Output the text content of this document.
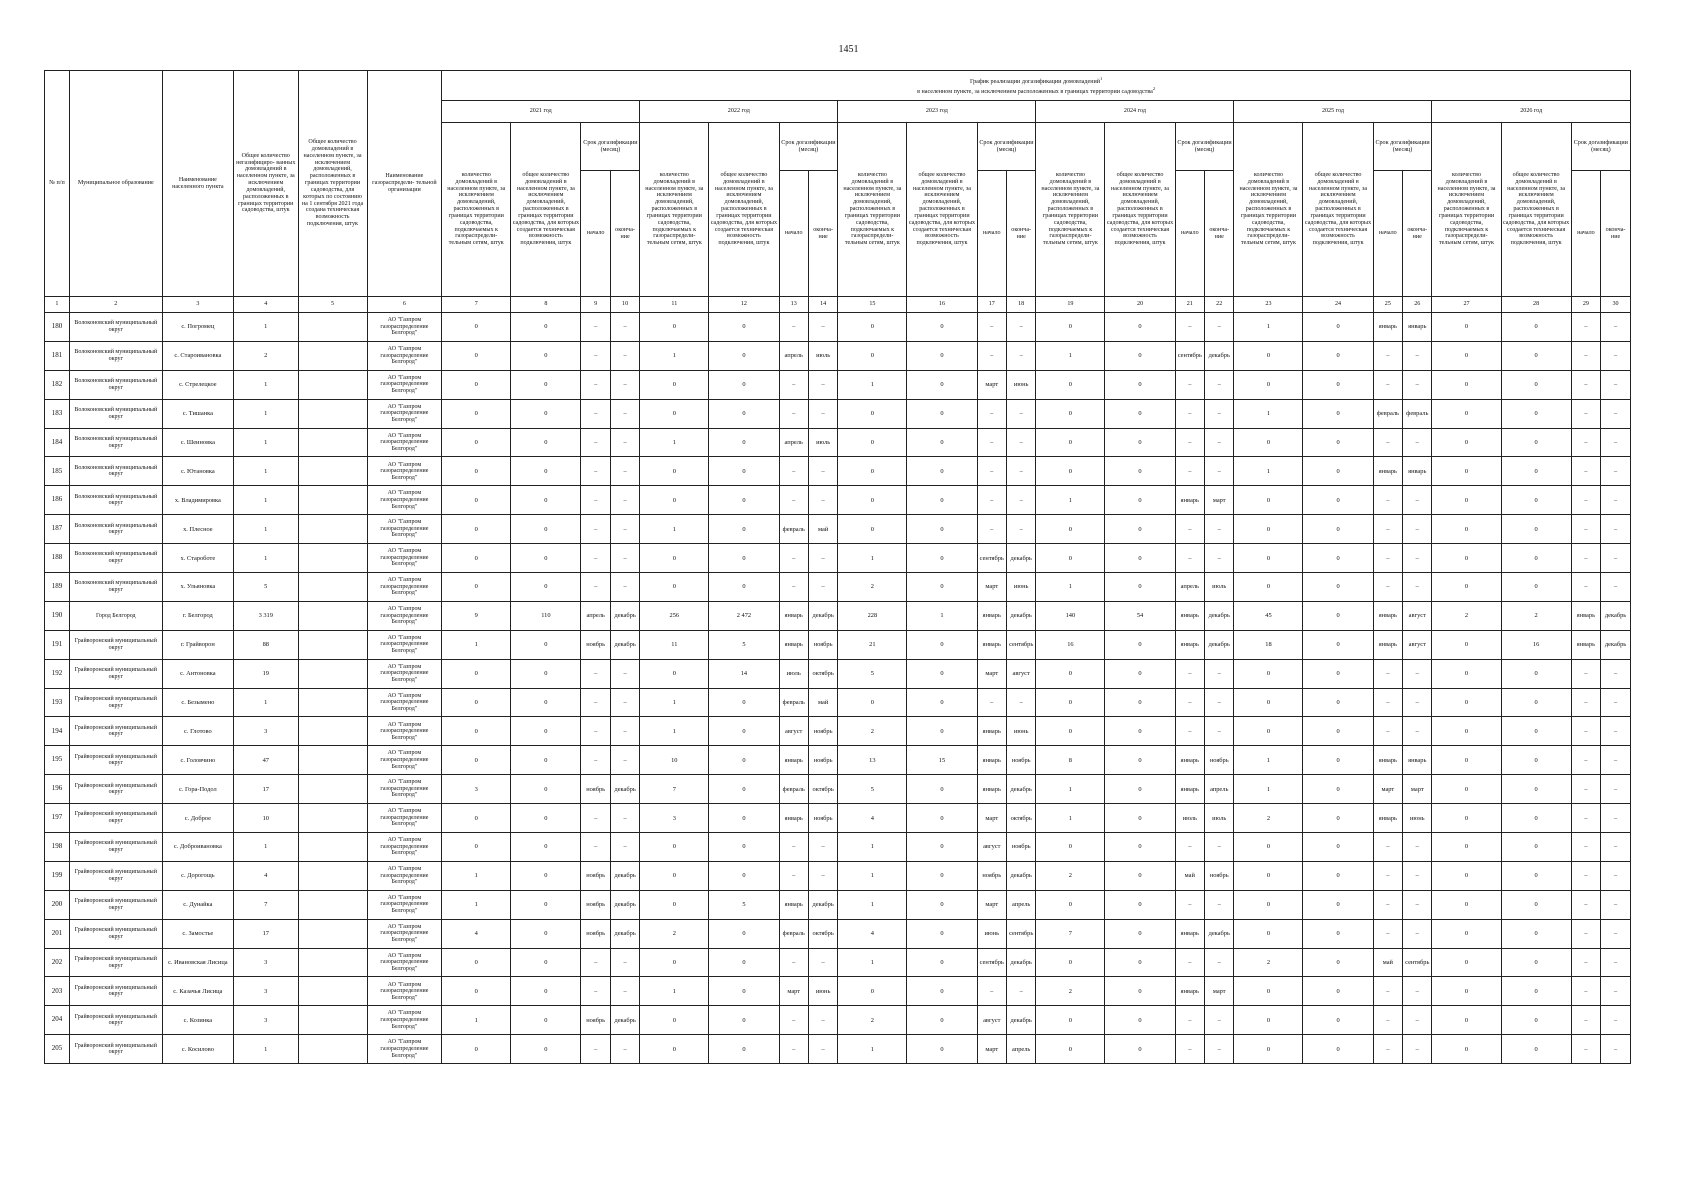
1451
№ п/п	Муниципальное образование	Наименование населенного пункта	Общее количество негазифициро- ванных домовладений в населенном пункте, за исключением домовладений, расположенных в границах территории садоводства, штук	Общее количество домовладений в населенном пункте, за исключением домовладений, расположенных в границах территории садоводства, для которых по состоянию на 1 сентября 2021 года создана техническая возможность подключения, штук	Наименование газораспредели- тельной организации	График реализации догазификации домовладений$^1$
в населенном пункте, за исключением расположенных в границах территории садоводства$^2$
						2021 год				2022 год				2023 год				2024 год				2025 год				2026 год			
						количество домовладений в населенном пункте, за исключением домовладений, расположенных в границах территории садоводства, подключаемых к газораспредели- тельным сетям, штук	общее количество домовладений в населенном пункте, за исключением домовладений, расположенных в границах территории садоводства, для которых создается техническая возможность подключения, штук	Срок догазификации (месяц)		количество домовладений в населенном пункте, за исключением домовладений, расположенных в границах территории садоводства, подключаемых к газораспредели- тельным сетям, штук	общее количество домовладений в населенном пункте, за исключением домовладений, расположенных в границах территории садоводства, для которых создается техническая возможность подключения, штук	Срок догазификации (месяц)		количество домовладений в населенном пункте, за исключением домовладений, расположенных в границах территории садоводства, подключаемых к газораспредели- тельным сетям, штук	общее количество домовладений в населенном пункте, за исключением домовладений, расположенных в границах территории садоводства, для которых создается техническая возможность подключения, штук	Срок догазификации (месяц)		количество домовладений в населенном пункте, за исключением домовладений, расположенных в границах территории садоводства, подключаемых к газораспредели- тельным сетям, штук	общее количество домовладений в населенном пункте, за исключением домовладений, расположенных в границах территории садоводства, для которых создается техническая возможность подключения, штук	Срок догазификации (месяц)		количество домовладений в населенном пункте, за исключением домовладений, расположенных в границах территории садоводства, подключаемых к газораспредели- тельным сетям, штук	общее количество домовладений в населенном пункте, за исключением домовладений, расположенных в границах территории садоводства, для которых создается техническая возможность подключения, штук	Срок догазификации (месяц)		количество домовладений в населенном пункте, за исключением домовладений, расположенных в границах территории садоводства, подключаемых к газораспредели- тельным сетям, штук	общее количество домовладений в населенном пункте, за исключением домовладений, расположенных в границах территории садоводства, для которых создается техническая возможность подключения, штук	Срок догазификации (месяц)	
								начало	оконча- ние			начало	оконча- ние			начало	оконча- ние			начало	оконча- ние			начало	оконча- ние			начало	оконча- ние
1	2	3	4	5	6	7	8	9	10	11	12	13	14	15	16	17	18	19	20	21	22	23	24	25	26	27	28	29	30
180	Волоконовский муниципальный округ	с. Погромец	1		АО "Газпром газораспределение Белгород"	0	0	–	–	0	0	–	–	0	0	–	–	0	0	–	–	1	0	январь	январь	0	0	–	–
181	Волоконовский муниципальный округ	с. Староивановка	2		АО "Газпром газораспределение Белгород"	0	0	–	–	1	0	апрель	июль	0	0	–	–	1	0	сентябрь	декабрь	0	0	–	–	0	0	–	–
182	Волоконовский муниципальный округ	с. Стрелецкое	1		АО "Газпром газораспределение Белгород"	0	0	–	–	0	0	–	–	1	0	март	июнь	0	0	–	–	0	0	–	–	0	0	–	–
183	Волоконовский муниципальный округ	с. Тишанка	1		АО "Газпром газораспределение Белгород"	0	0	–	–	0	0	–	–	0	0	–	–	0	0	–	–	1	0	февраль	февраль	0	0	–	–
184	Волоконовский муниципальный округ	с. Шеиновка	1		АО "Газпром газораспределение Белгород"	0	0	–	–	1	0	апрель	июль	0	0	–	–	0	0	–	–	0	0	–	–	0	0	–	–
185	Волоконовский муниципальный округ	с. Ютановка	1		АО "Газпром газораспределение Белгород"	0	0	–	–	0	0	–	–	0	0	–	–	0	0	–	–	1	0	январь	январь	0	0	–	–
186	Волоконовский муниципальный округ	х. Владимировка	1		АО "Газпром газораспределение Белгород"	0	0	–	–	0	0	–	–	0	0	–	–	1	0	январь	март	0	0	–	–	0	0	–	–
187	Волоконовский муниципальный округ	х. Плесное	1		АО "Газпром газораспределение Белгород"	0	0	–	–	1	0	февраль	май	0	0	–	–	0	0	–	–	0	0	–	–	0	0	–	–
188	Волоконовский муниципальный округ	х. Староботе	1		АО "Газпром газораспределение Белгород"	0	0	–	–	0	0	–	–	1	0	сентябрь	декабрь	0	0	–	–	0	0	–	–	0	0	–	–
189	Волоконовский муниципальный округ	х. Ульяновка	5		АО "Газпром газораспределение Белгород"	0	0	–	–	0	0	–	–	2	0	март	июнь	1	0	апрель	июль	0	0	–	–	0	0	–	–
190	Город Белгород	г. Белгород	3 319		АО "Газпром газораспределение Белгород"	9	110	апрель	декабрь	256	2 472	январь	декабрь	228	1	январь	декабрь	140	54	январь	декабрь	45	0	январь	август	2	2	январь	декабрь
191	Грайворонский муниципальный округ	г. Грайворон	88		АО "Газпром газораспределение Белгород"	1	0	ноябрь	декабрь	11	5	январь	ноябрь	21	0	январь	сентябрь	16	0	январь	декабрь	18	0	январь	август	0	16	январь	декабрь
192	Грайворонский муниципальный округ	с. Антоновка	19		АО "Газпром газораспределение Белгород"	0	0	–	–	0	14	июль	октябрь	5	0	март	август	0	0	–	–	0	0	–	–	0	0	–	–
193	Грайворонский муниципальный округ	с. Безымено	1		АО "Газпром газораспределение Белгород"	0	0	–	–	1	0	февраль	май	0	0	–	–	0	0	–	–	0	0	–	–	0	0	–	–
194	Грайворонский муниципальный округ	с. Глотово	3		АО "Газпром газораспределение Белгород"	0	0	–	–	1	0	август	ноябрь	2	0	январь	июнь	0	0	–	–	0	0	–	–	0	0	–	–
195	Грайворонский муниципальный округ	с. Головчино	47		АО "Газпром газораспределение Белгород"	0	0	–	–	10	0	январь	ноябрь	13	15	январь	ноябрь	8	0	январь	ноябрь	1	0	январь	январь	0	0	–	–
196	Грайворонский муниципальный округ	с. Гора-Подол	17		АО "Газпром газораспределение Белгород"	3	0	ноябрь	декабрь	7	0	февраль	октябрь	5	0	январь	декабрь	1	0	январь	апрель	1	0	март	март	0	0	–	–
197	Грайворонский муниципальный округ	с. Доброе	10		АО "Газпром газораспределение Белгород"	0	0	–	–	3	0	январь	ноябрь	4	0	март	октябрь	1	0	июль	июль	2	0	январь	июнь	0	0	–	–
198	Грайворонский муниципальный округ	с. Доброивановка	1		АО "Газпром газораспределение Белгород"	0	0	–	–	0	0	–	–	1	0	август	ноябрь	0	0	–	–	0	0	–	–	0	0	–	–
199	Грайворонский муниципальный округ	с. Дорогощь	4		АО "Газпром газораспределение Белгород"	1	0	ноябрь	декабрь	0	0	–	–	1	0	ноябрь	декабрь	2	0	май	ноябрь	0	0	–	–	0	0	–	–
200	Грайворонский муниципальный округ	с. Дунайка	7		АО "Газпром газораспределение Белгород"	1	0	ноябрь	декабрь	0	5	январь	декабрь	1	0	март	апрель	0	0	–	–	0	0	–	–	0	0	–	–
201	Грайворонский муниципальный округ	с. Замостье	17		АО "Газпром газораспределение Белгород"	4	0	ноябрь	декабрь	2	0	февраль	октябрь	4	0	июнь	сентябрь	7	0	январь	декабрь	0	0	–	–	0	0	–	–
202	Грайворонский муниципальный округ	с. Ивановская Лисица	3		АО "Газпром газораспределение Белгород"	0	0	–	–	0	0	–	–	1	0	сентябрь	декабрь	0	0	–	–	2	0	май	сентябрь	0	0	–	–
203	Грайворонский муниципальный округ	с. Казачья Лисица	3		АО "Газпром газораспределение Белгород"	0	0	–	–	1	0	март	июнь	0	0	–	–	2	0	январь	март	0	0	–	–	0	0	–	–
204	Грайворонский муниципальный округ	с. Козинка	3		АО "Газпром газораспределение Белгород"	1	0	ноябрь	декабрь	0	0	–	–	2	0	август	декабрь	0	0	–	–	0	0	–	–	0	0	–	–
205	Грайворонский муниципальный округ	с. Косилово	1		АО "Газпром газораспределение Белгород"	0	0	–	–	0	0	–	–	1	0	март	апрель	0	0	–	–	0	0	–	–	0	0	–	–
